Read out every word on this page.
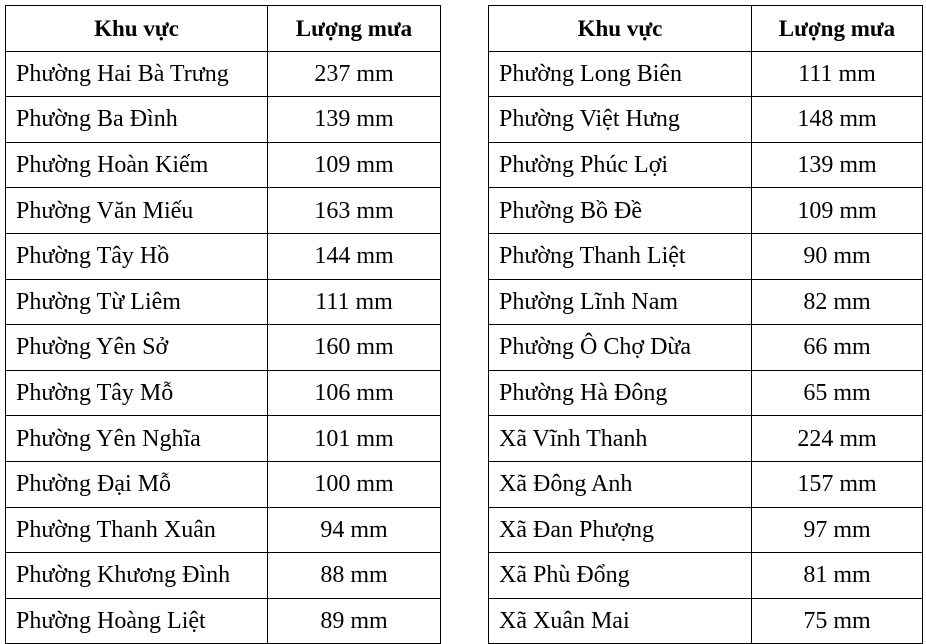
Khu vực	Lượng mưa
Phường Hai Bà Trưng	237 mm
Phường Ba Đình	139 mm
Phường Hoàn Kiếm	109 mm
Phường Văn Miếu	163 mm
Phường Tây Hồ	144 mm
Phường Từ Liêm	111 mm
Phường Yên Sở	160 mm
Phường Tây Mỗ	106 mm
Phường Yên Nghĩa	101 mm
Phường Đại Mỗ	100 mm
Phường Thanh Xuân	94 mm
Phường Khương Đình	88 mm
Phường Hoàng Liệt	89 mm
Khu vực	Lượng mưa
Phường Long Biên	111 mm
Phường Việt Hưng	148 mm
Phường Phúc Lợi	139 mm
Phường Bồ Đề	109 mm
Phường Thanh Liệt	90 mm
Phường Lĩnh Nam	82 mm
Phường Ô Chợ Dừa	66 mm
Phường Hà Đông	65 mm
Xã Vĩnh Thanh	224 mm
Xã Đông Anh	157 mm
Xã Đan Phượng	97 mm
Xã Phù Đổng	81 mm
Xã Xuân Mai	75 mm
